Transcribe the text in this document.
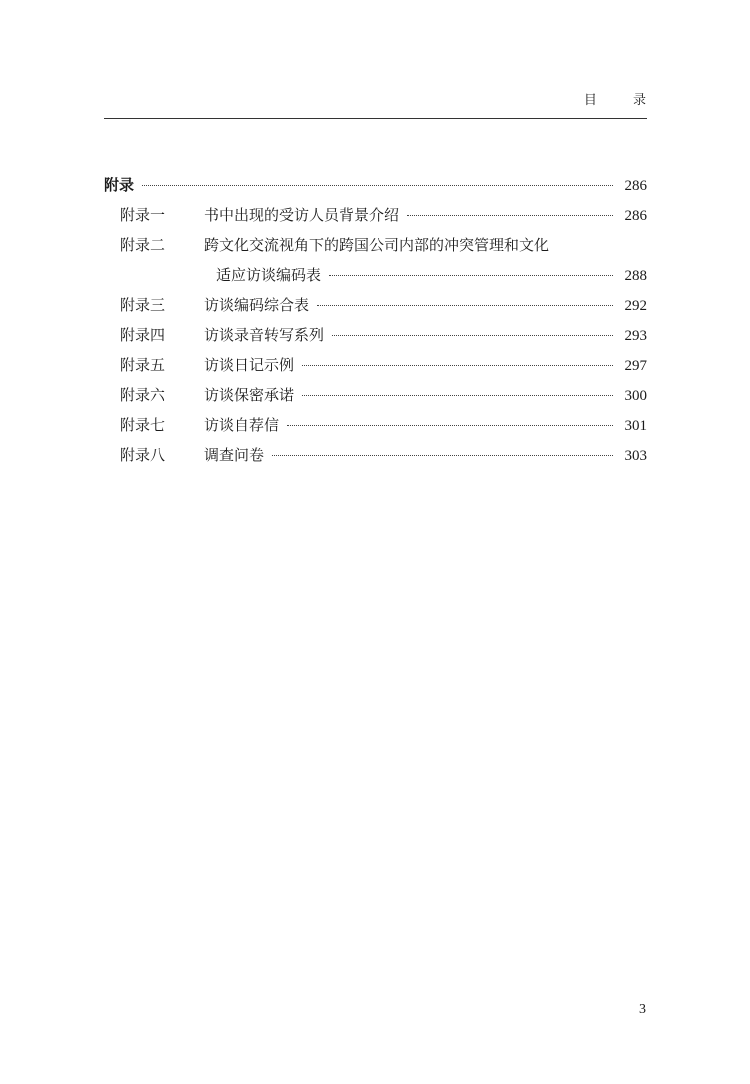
目 录
附录	286
附录一	书中出现的受访人员背景介绍	286
附录二	跨文化交流视角下的跨国公司内部的冲突管理和文化
适应访谈编码表	288
附录三	访谈编码综合表	292
附录四	访谈录音转写系列	293
附录五	访谈日记示例	297
附录六	访谈保密承诺	300
附录七	访谈自荐信	301
附录八	调查问卷	303
3
